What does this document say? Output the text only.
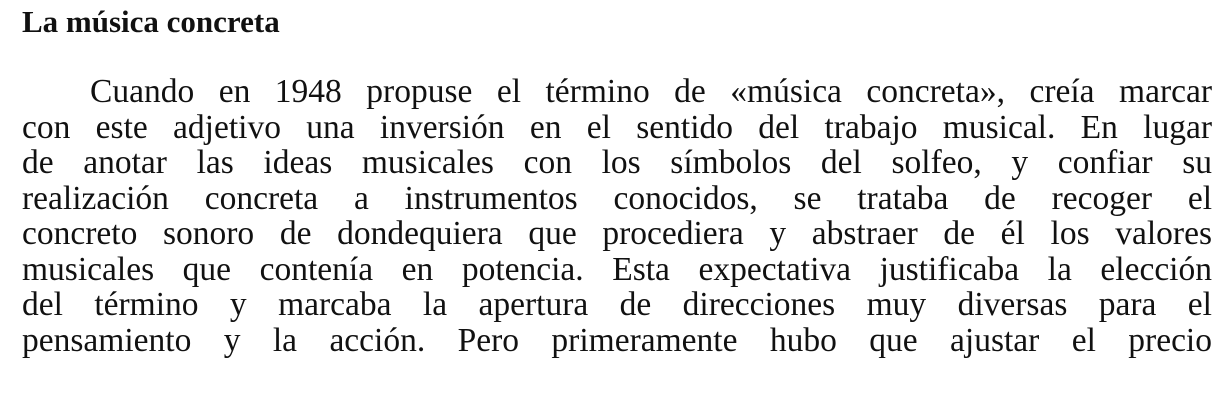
La música concreta
Cuando en 1948 propuse el término de «música concreta», creía marcar
con este adjetivo una inversión en el sentido del trabajo musical. En lugar
de anotar las ideas musicales con los símbolos del solfeo, y confiar su
realización concreta a instrumentos conocidos, se trataba de recoger el
concreto sonoro de dondequiera que procediera y abstraer de él los valores
musicales que contenía en potencia. Esta expectativa justificaba la elección
del término y marcaba la apertura de direcciones muy diversas para el
pensamiento y la acción. Pero primeramente hubo que ajustar el precio
